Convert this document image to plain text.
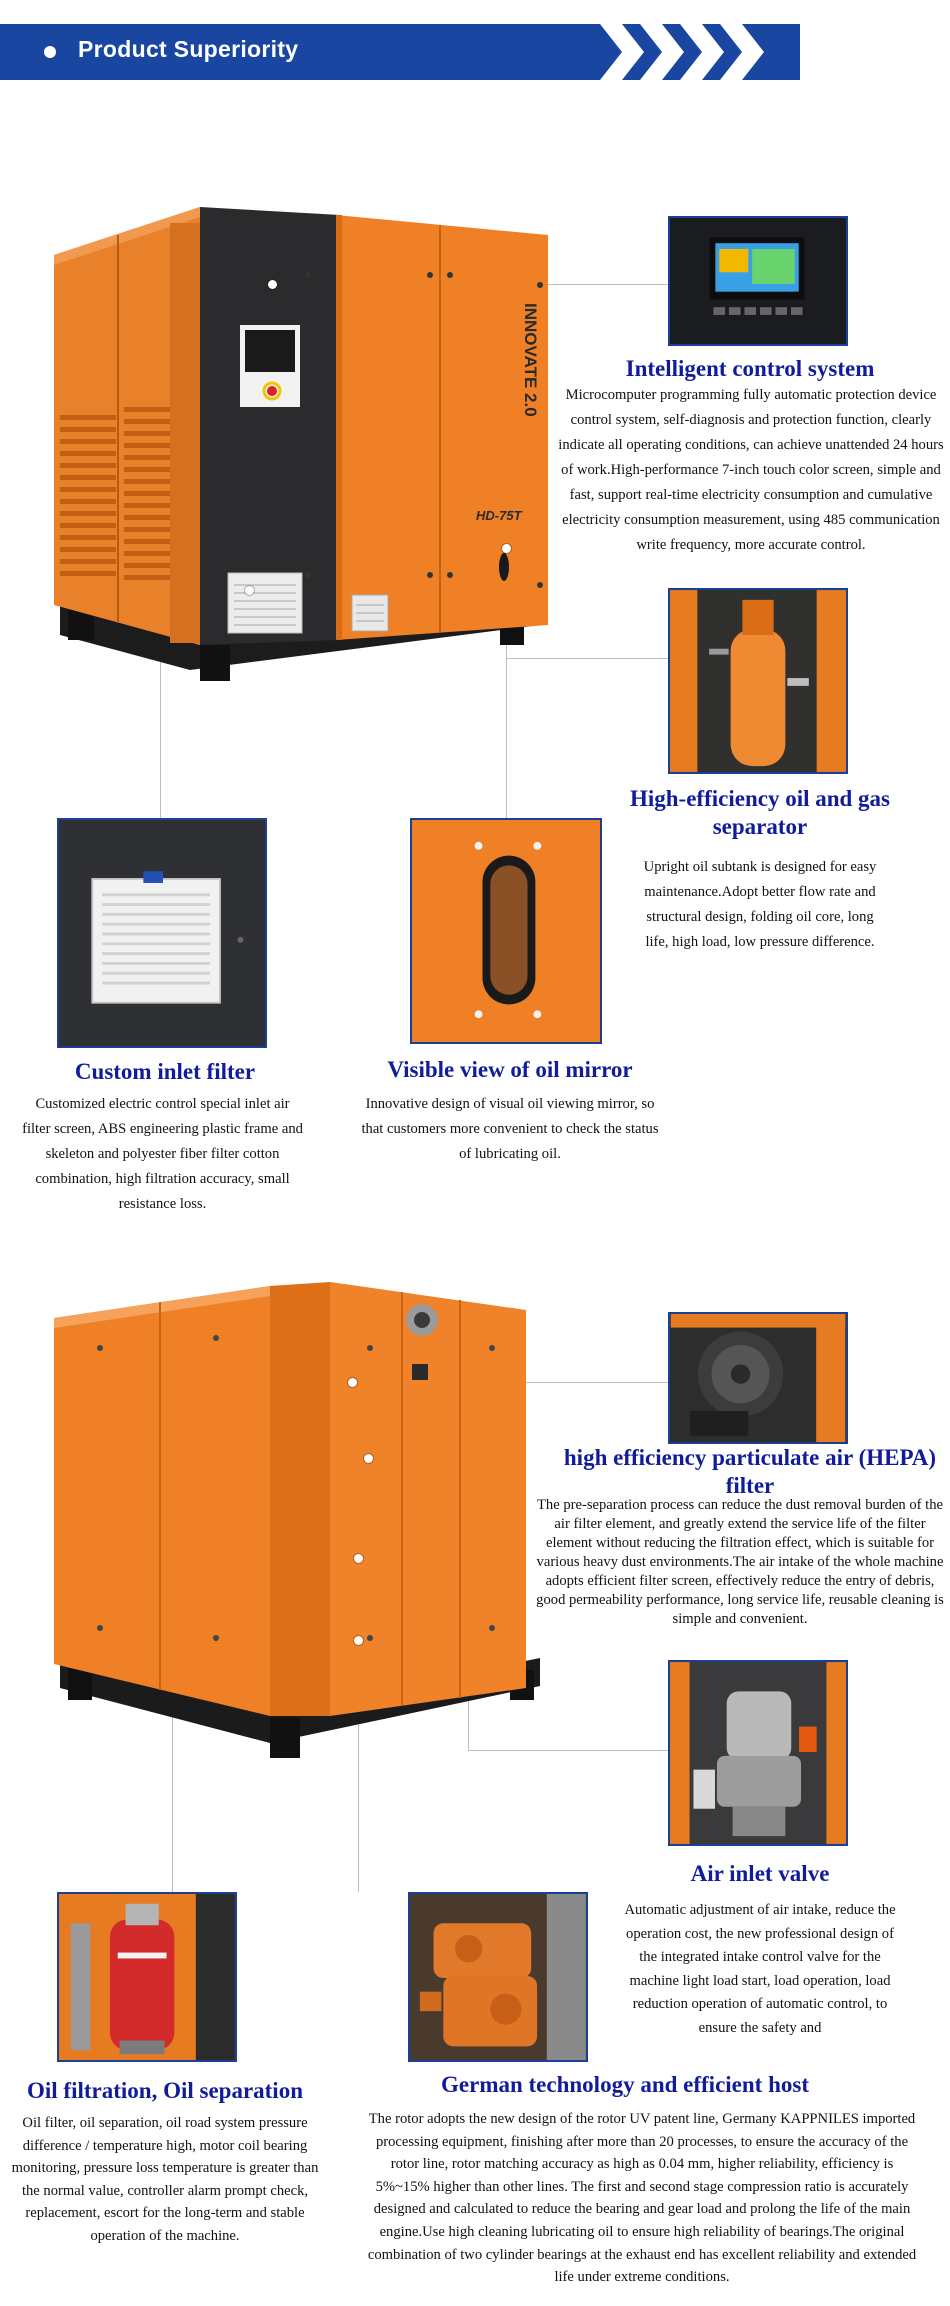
Product Superiority
INNOVATE 2.0
HD-75T
Intelligent control system
Microcomputer programming fully automatic protection device control system, self-diagnosis and protection function, clearly indicate all operating conditions, can achieve unattended 24 hours of work.High-performance 7-inch touch color screen, simple and fast, support real-time electricity consumption and cumulative electricity consumption measurement, using 485 communication write frequency, more accurate control.
High-efficiency oil and gas separator
Upright oil subtank is designed for easy maintenance.Adopt better flow rate and structural design, folding oil core, long life, high load, low pressure difference.
Custom inlet filter
Customized electric control special inlet air filter screen, ABS engineering plastic frame and skeleton and polyester fiber filter cotton combination, high filtration accuracy, small resistance loss.
Visible view of oil mirror
Innovative design of visual oil viewing mirror, so that customers more convenient to check the status of lubricating oil.
high efficiency particulate air (HEPA) filter
The pre-separation process can reduce the dust removal burden of the air filter element, and greatly extend the service life of the filter element without reducing the filtration effect, which is suitable for various heavy dust environments.The air intake of the whole machine adopts efficient filter screen, effectively reduce the entry of debris, good permeability performance, long service life, reusable cleaning is simple and convenient.
Air inlet valve
Automatic adjustment of air intake, reduce the operation cost, the new professional design of the integrated intake control valve for the machine light load start, load operation, load reduction operation of automatic control, to ensure the safety and
Oil filtration, Oil separation
Oil filter, oil separation, oil road system pressure difference / temperature high, motor coil bearing monitoring, pressure loss temperature is greater than the normal value, controller alarm prompt check, replacement, escort for the long-term and stable operation of the machine.
German technology and efficient host
The rotor adopts the new design of the rotor UV patent line, Germany KAPPNILES imported processing equipment, finishing after more than 20 processes, to ensure the accuracy of the rotor line, rotor matching accuracy as high as 0.04 mm, higher reliability, efficiency is 5%~15% higher than other lines. The first and second stage compression ratio is accurately designed and calculated to reduce the bearing and gear load and prolong the life of the main engine.Use high cleaning lubricating oil to ensure high reliability of bearings.The original combination of two cylinder bearings at the exhaust end has excellent reliability and extended life under extreme conditions.
